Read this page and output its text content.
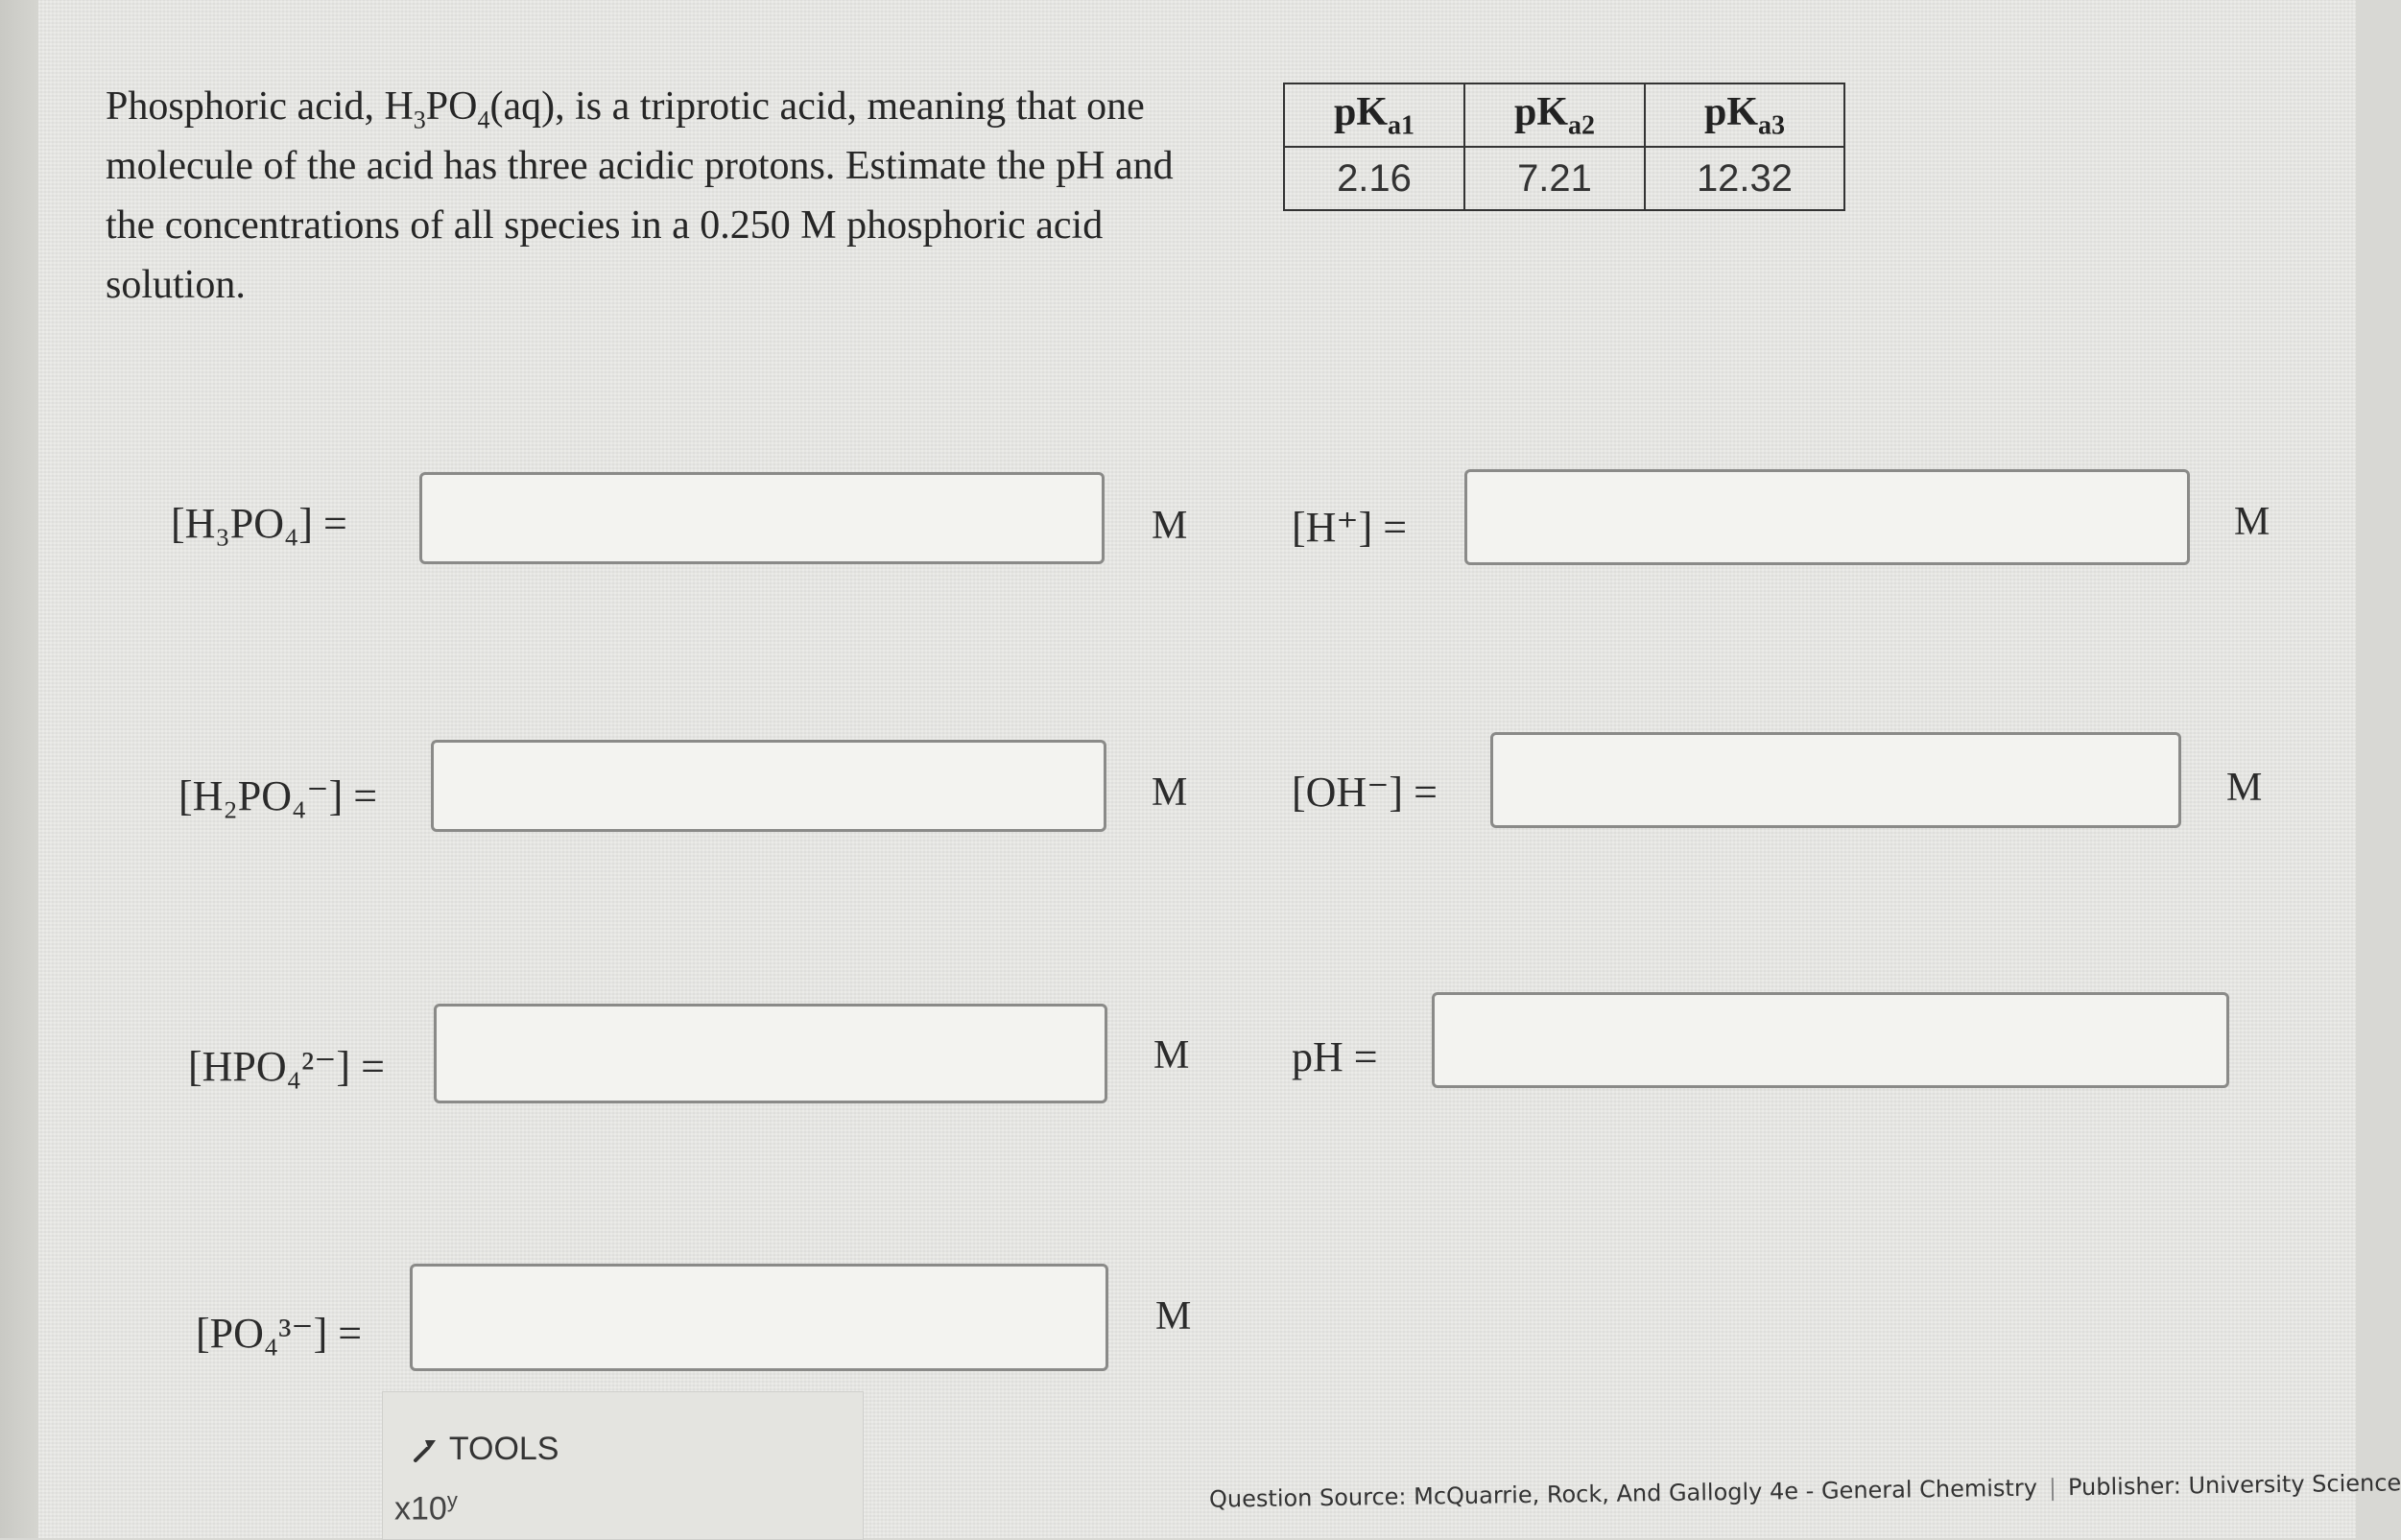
Phosphoric acid, $H_3PO_4(aq)$, is a triprotic acid, meaning that one molecule of the acid has three acidic protons. Estimate the pH and the concentrations of all species in a 0.250 M phosphoric acid solution.
$pK_{a1}$	$pK_{a2}$	$pK_{a3}$
2.16	7.21	12.32
[H₃PO₄] =	M
[H₂PO₄⁻] =	M
[HPO₄²⁻] =	M
[PO₄³⁻] =	M
[H⁺] =	M
[OH⁻] =	M
pH =
TOOLS
x10$^y$	Question Source: McQuarrie, Rock, And Gallogly 4e - General Chemistry | Publisher: University Science
